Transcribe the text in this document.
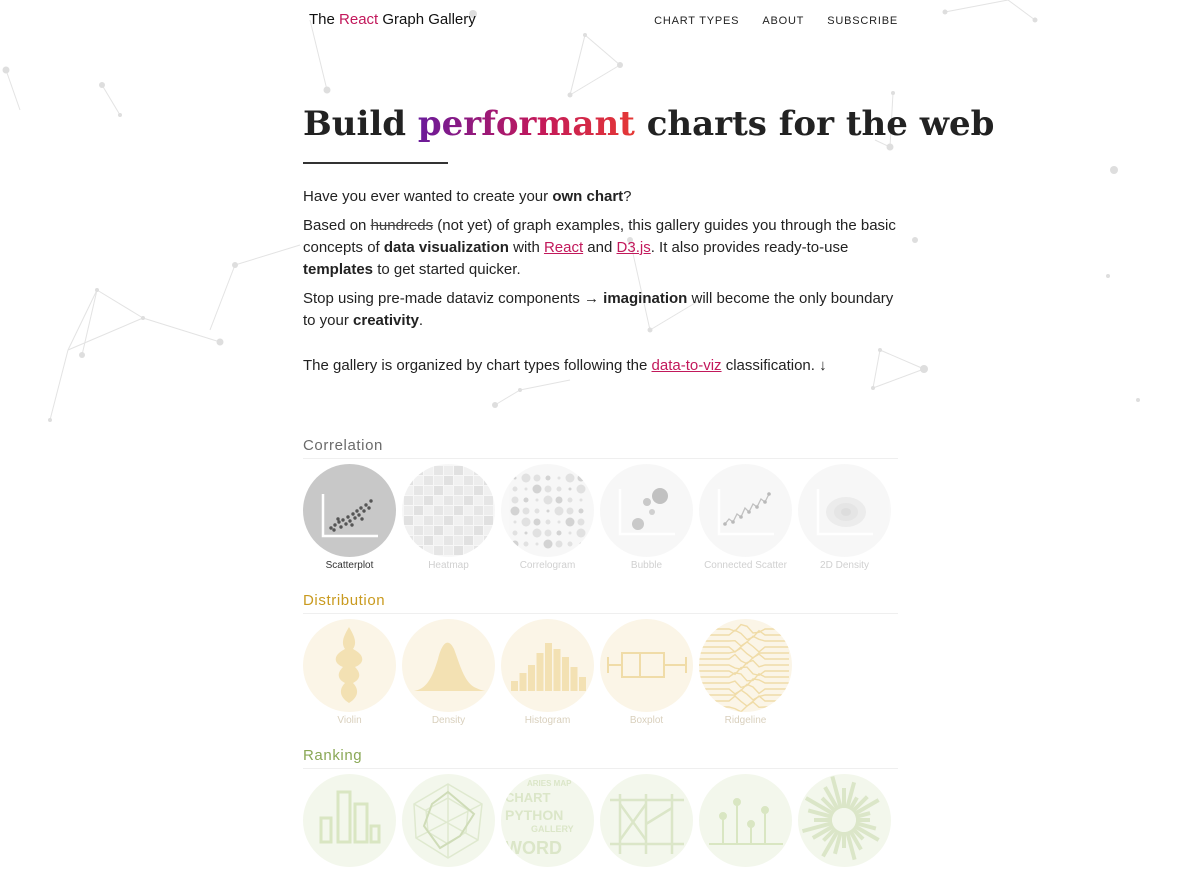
The React Graph Gallery	CHART TYPES ABOUT SUBSCRIBE
Build performant charts for the web

Have you ever wanted to create your own chart?

Based on hundreds (not yet) of graph examples, this gallery guides you through the basic concepts of data visualization with React and D3.js. It also provides ready-to-use templates to get started quicker.

Stop using pre-made dataviz components → imagination will become the only boundary to your creativity.

The gallery is organized by chart types following the data-to-viz classification. ↓

Correlation
Scatterplot	Heatmap	Correlogram	Bubble	Connected Scatter	2D Density
Distribution
Violin	Density	Histogram	Boxplot	Ridgeline
Ranking
ARIES MAP
CHART
PYTHON
GALLERY
WORD
